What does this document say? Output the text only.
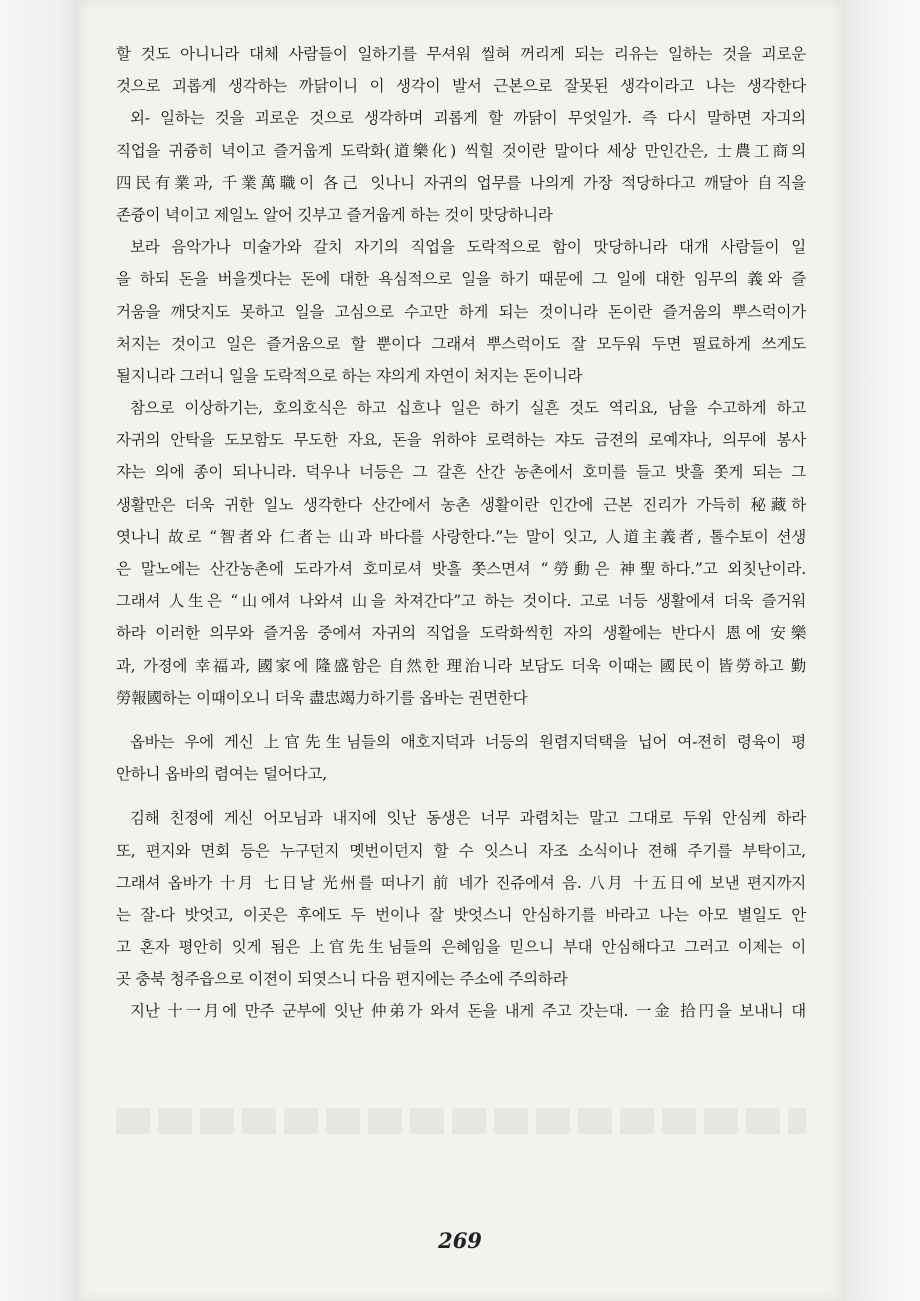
할 것도 아니니라 대체 사람들이 일하기를 무셔워 씰혀 꺼리게 되는 리유는 일하는 것을 괴로운
것으로 괴롭게 생각하는 까닭이니 이 생각이 발서 근본으로 잘못된 생각이라고 나는 생각한다
외- 일하는 것을 괴로운 것으로 생각하며 괴롭게 할 까닭이 무엇일가. 즉 다시 말하면 자긔의
직업을 귀즁히 녁이고 즐거웁게 도락화(道樂化) 씩힐 것이란 말이다 세상 만인간은, 士農工商의
四民有業과, 千業萬職이 各己 잇나니 자귀의 업무를 나의게 가장 적당하다고 깨달아 自직을
존즁이 녁이고 제일노 알어 깃부고 즐거웁게 하는 것이 맛당하니라
보라 음악가나 미술가와 갈치 자기의 직업을 도락적으로 함이 맛당하니라 대개 사람들이 일
을 하되 돈을 버을겟다는 돈에 대한 욕심적으로 일을 하기 때문에 그 일에 대한 임무의 義와 즐
거움을 깨닷지도 못하고 일을 고심으로 수고만 하게 되는 것이니라 돈이란 즐거움의 뿌스럭이가
처지는 것이고 일은 즐거움으로 할 뿐이다 그래셔 뿌스럭이도 잘 모두워 두면 필료하게 쓰게도
될지니라 그러니 일을 도락적으로 하는 쟈의게 자연이 처지는 돈이니라
참으로 이상하기는, 호의호식은 하고 십흐나 일은 하기 실흔 것도 역리요, 남을 수고하게 하고
자귀의 안탁을 도모함도 무도한 자요, 돈을 위하야 로력하는 쟈도 금젼의 로예쟈나, 의무에 봉사
쟈는 의에 종이 되나니라. 덕우나 너등은 그 갈흔 산간 농촌에서 호미를 들고 밧흘 쫏게 되는 그
생활만은 더욱 귀한 일노 생각한다 산간에서 농촌 생활이란 인간에 근본 진리가 가득히 秘藏하
엿나니 故로 “智者와 仁者는 山과 바다를 사랑한다.”는 말이 잇고, 人道主義者, 톨수토이 션생
은 말노에는 산간농촌에 도라가셔 호미로셔 밧흘 쫏스면셔 “勞動은 神聖하다.”고 외칫난이라.
그래셔 人生은 “山에셔 나와셔 山을 차져간다”고 하는 것이다. 고로 너등 생활에셔 더욱 즐거워
하라 이러한 의무와 즐거움 중에셔 자귀의 직업을 도락화씩힌 자의 생활에는 반다시 恩에 安樂
과, 가졍에 幸福과, 國家에 隆盛함은 自然한 理治니라 보담도 더욱 이때는 國民이 皆勞하고 勤
勞報國하는 이때이오니 더욱 盡忠竭力하기를 옵바는 권면한다
옵바는 우에 게신 上官先生님들의 애호지덕과 너등의 원렴지덕택을 닙어 여-젼히 령육이 평
안하니 옵바의 렴여는 덜어다고,
김해 친졍에 게신 어모님과 내지에 잇난 동생은 너무 과렴치는 말고 그대로 두워 안심케 하라
또, 편지와 면회 등은 누구던지 몟번이던지 할 수 잇스니 자조 소식이나 젼해 주기를 부탁이고,
그래셔 옵바가 十月 七日날 光州를 떠나기 前 네가 진쥬에셔 음. 八月 十五日에 보낸 편지까지
는 잘-다 밧엇고, 이곳은 후에도 두 번이나 잘 밧엇스니 안심하기를 바라고 나는 아모 별일도 안
고 혼자 평안히 잇게 됨은 上官先生님들의 은혜임을 믿으니 부대 안심해다고 그러고 이제는 이
곳 충북 청주읍으로 이젼이 되엿스니 다음 편지에는 주소에 주의하라
지난 十一月에 만주 군부에 잇난 仲弟가 와셔 돈을 내게 주고 갓는대. 一金 拾円을 보내니 대
269
